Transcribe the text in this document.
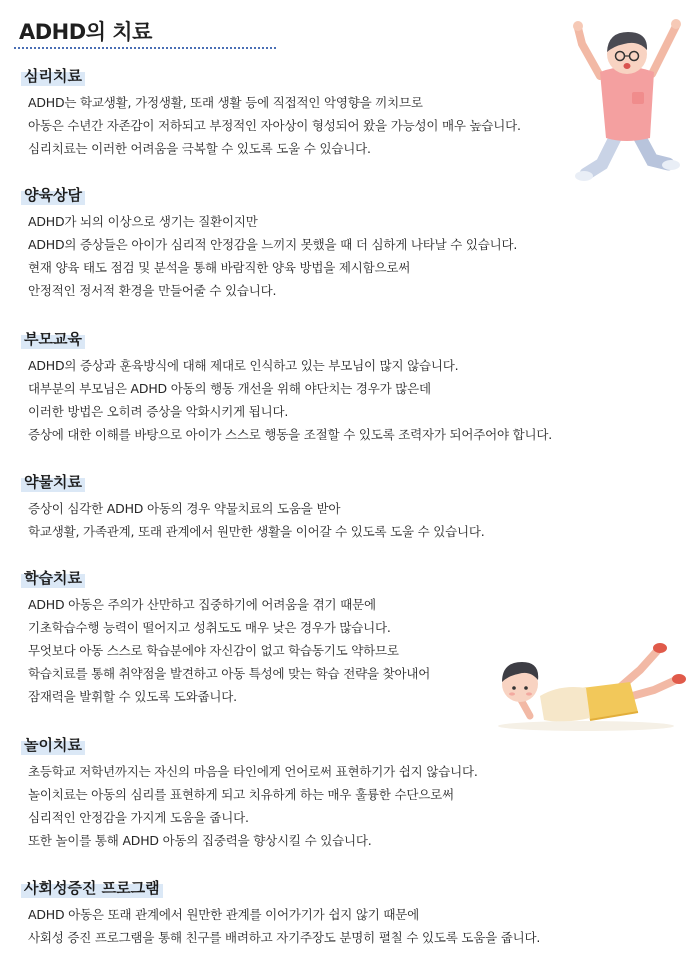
ADHD의 치료
심리치료
ADHD는 학교생활, 가정생활, 또래 생활 등에 직접적인 악영향을 끼치므로
아동은 수년간 자존감이 저하되고 부정적인 자아상이 형성되어 왔을 가능성이 매우 높습니다.
심리치료는 이러한 어려움을 극복할 수 있도록 도울 수 있습니다.
양육상담
ADHD가 뇌의 이상으로 생기는 질환이지만
ADHD의 증상들은 아이가 심리적 안정감을 느끼지 못했을 때 더 심하게 나타날 수 있습니다.
현재 양육 태도 점검 및 분석을 통해 바람직한 양육 방법을 제시함으로써
안정적인 정서적 환경을 만들어줄 수 있습니다.
부모교육
ADHD의 증상과 훈육방식에 대해 제대로 인식하고 있는 부모님이 많지 않습니다.
대부분의 부모님은 ADHD 아동의 행동 개선을 위해 야단치는 경우가 많은데
이러한 방법은 오히려 증상을 악화시키게 됩니다.
증상에 대한 이해를 바탕으로 아이가 스스로 행동을 조절할 수 있도록 조력자가 되어주어야 합니다.
약물치료
증상이 심각한 ADHD 아동의 경우 약물치료의 도움을 받아
학교생활, 가족관계, 또래 관계에서 원만한 생활을 이어갈 수 있도록 도울 수 있습니다.
학습치료
ADHD 아동은 주의가 산만하고 집중하기에 어려움을 겪기 때문에
기초학습수행 능력이 떨어지고 성취도도 매우 낮은 경우가 많습니다.
무엇보다 아동 스스로 학습분에야 자신감이 없고 학습동기도 약하므로
학습치료를 통해 취약점을 발견하고 아동 특성에 맞는 학습 전략을 찾아내어
잠재력을 발휘할 수 있도록 도와줍니다.
놀이치료
초등학교 저학년까지는 자신의 마음을 타인에게 언어로써 표현하기가 쉽지 않습니다.
놀이치료는 아동의 심리를 표현하게 되고 치유하게 하는 매우 훌륭한 수단으로써
심리적인 안정감을 가지게 도움을 줍니다.
또한 놀이를 통해 ADHD 아동의 집중력을 향상시킬 수 있습니다.
사회성증진 프로그램
ADHD 아동은 또래 관계에서 원만한 관계를 이어가기가 쉽지 않기 때문에
사회성 증진 프로그램을 통해 친구를 배려하고 자기주장도 분명히 펼칠 수 있도록 도움을 줍니다.
